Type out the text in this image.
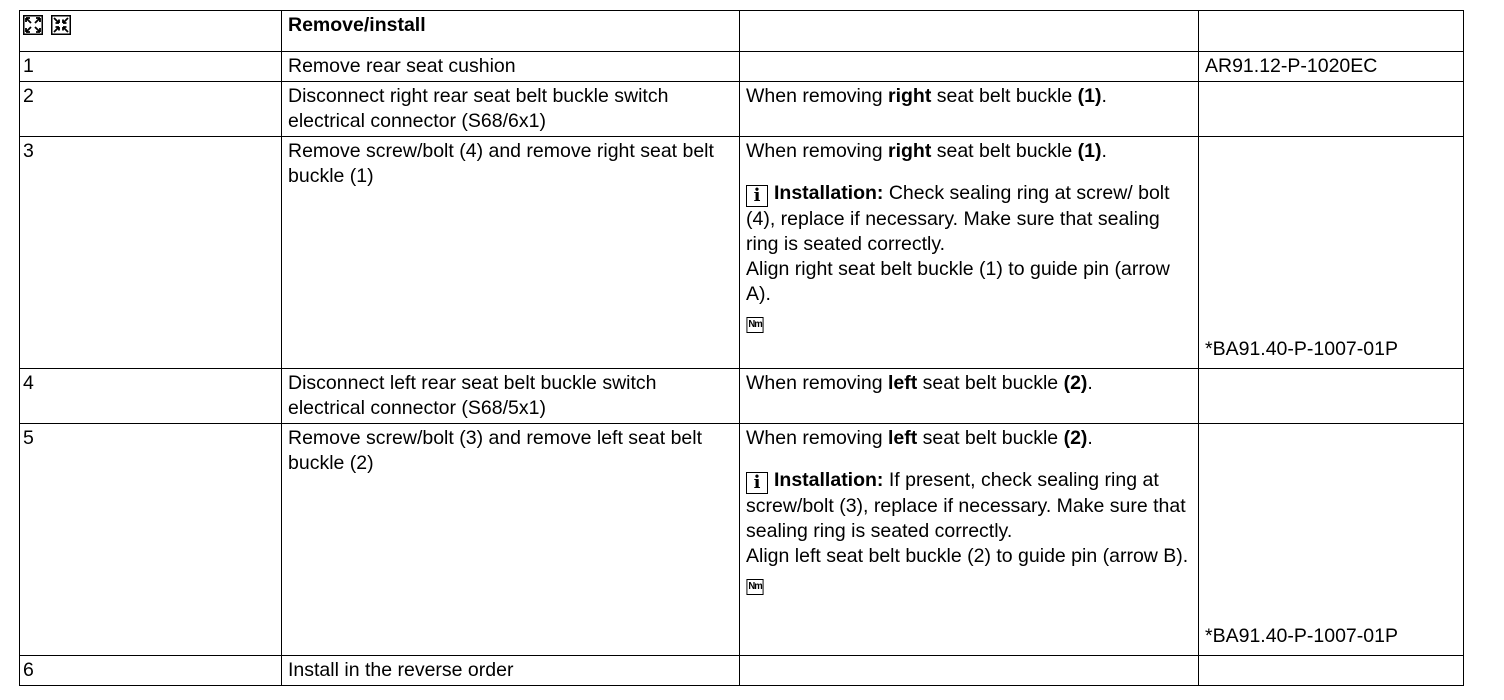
	Remove/install		
1	Remove rear seat cushion		AR91.12-P-1020EC
2	Disconnect right rear seat belt buckle switch electrical connector (S68/6x1)	When removing right seat belt buckle (1).	
3	Remove screw/bolt (4) and remove right seat belt buckle (1)	When removing right seat belt buckle (1).
i Installation: Check sealing ring at screw/ bolt (4), replace if necessary. Make sure that sealing ring is seated correctly.
Align right seat belt buckle (1) to guide pin (arrow A).
Nm	*BA91.40-P-1007-01P
4	Disconnect left rear seat belt buckle switch electrical connector (S68/5x1)	When removing left seat belt buckle (2).	
5	Remove screw/bolt (3) and remove left seat belt buckle (2)	When removing left seat belt buckle (2).
i Installation: If present, check sealing ring at screw/bolt (3), replace if necessary. Make sure that sealing ring is seated correctly.
Align left seat belt buckle (2) to guide pin (arrow B).
Nm	*BA91.40-P-1007-01P
6	Install in the reverse order		
